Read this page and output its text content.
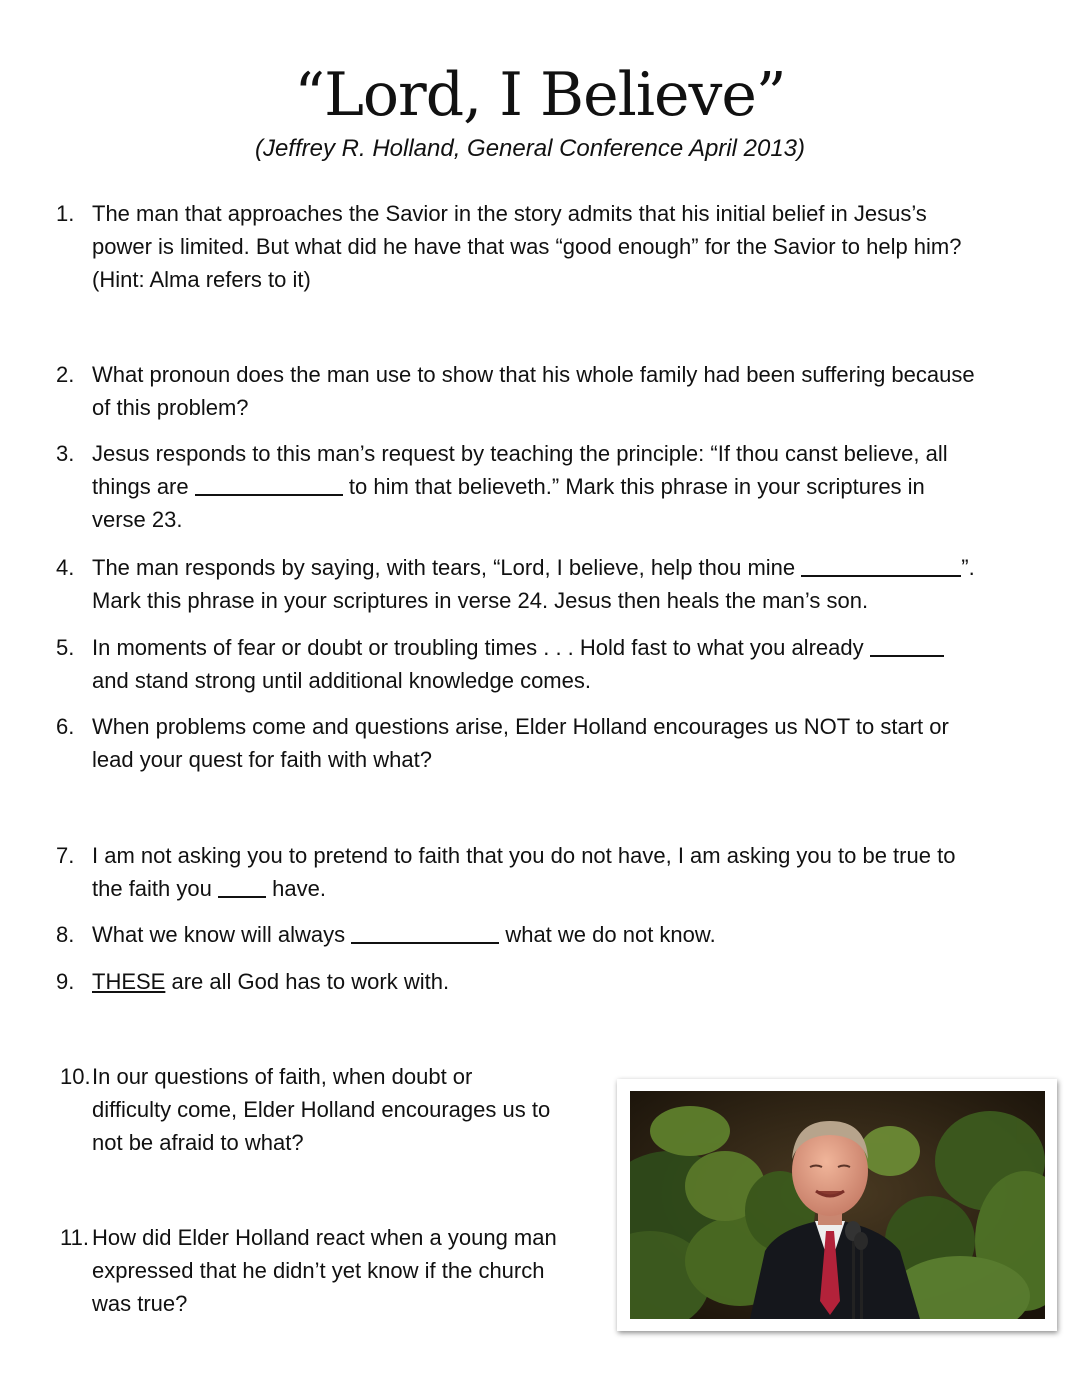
“Lord, I Believe”
(Jeffrey R. Holland, General Conference April 2013)
1. The man that approaches the Savior in the story admits that his initial belief in Jesus’s
power is limited. But what did he have that was “good enough” for the Savior to help him?
(Hint: Alma refers to it)
2. What pronoun does the man use to show that his whole family had been suffering because
of this problem?
3. Jesus responds to this man’s request by teaching the principle: “If thou canst believe, all
things are	to him that believeth.” Mark this phrase in your scriptures in
verse 23.
4. The man responds by saying, with tears, “Lord, I believe, help thou mine	”.
Mark this phrase in your scriptures in verse 24. Jesus then heals the man’s son.
5. In moments of fear or doubt or troubling times . . . Hold fast to what you already
and stand strong until additional knowledge comes.
6. When problems come and questions arise, Elder Holland encourages us NOT to start or
lead your quest for faith with what?
7. I am not asking you to pretend to faith that you do not have, I am asking you to be true to
the faith you	have.
8. What we know will always	what we do not know.
9. THESE are all God has to work with.
10. In our questions of faith, when doubt or
difficulty come, Elder Holland encourages us to
not be afraid to what?
11. How did Elder Holland react when a young man
expressed that he didn’t yet know if the church
was true?
